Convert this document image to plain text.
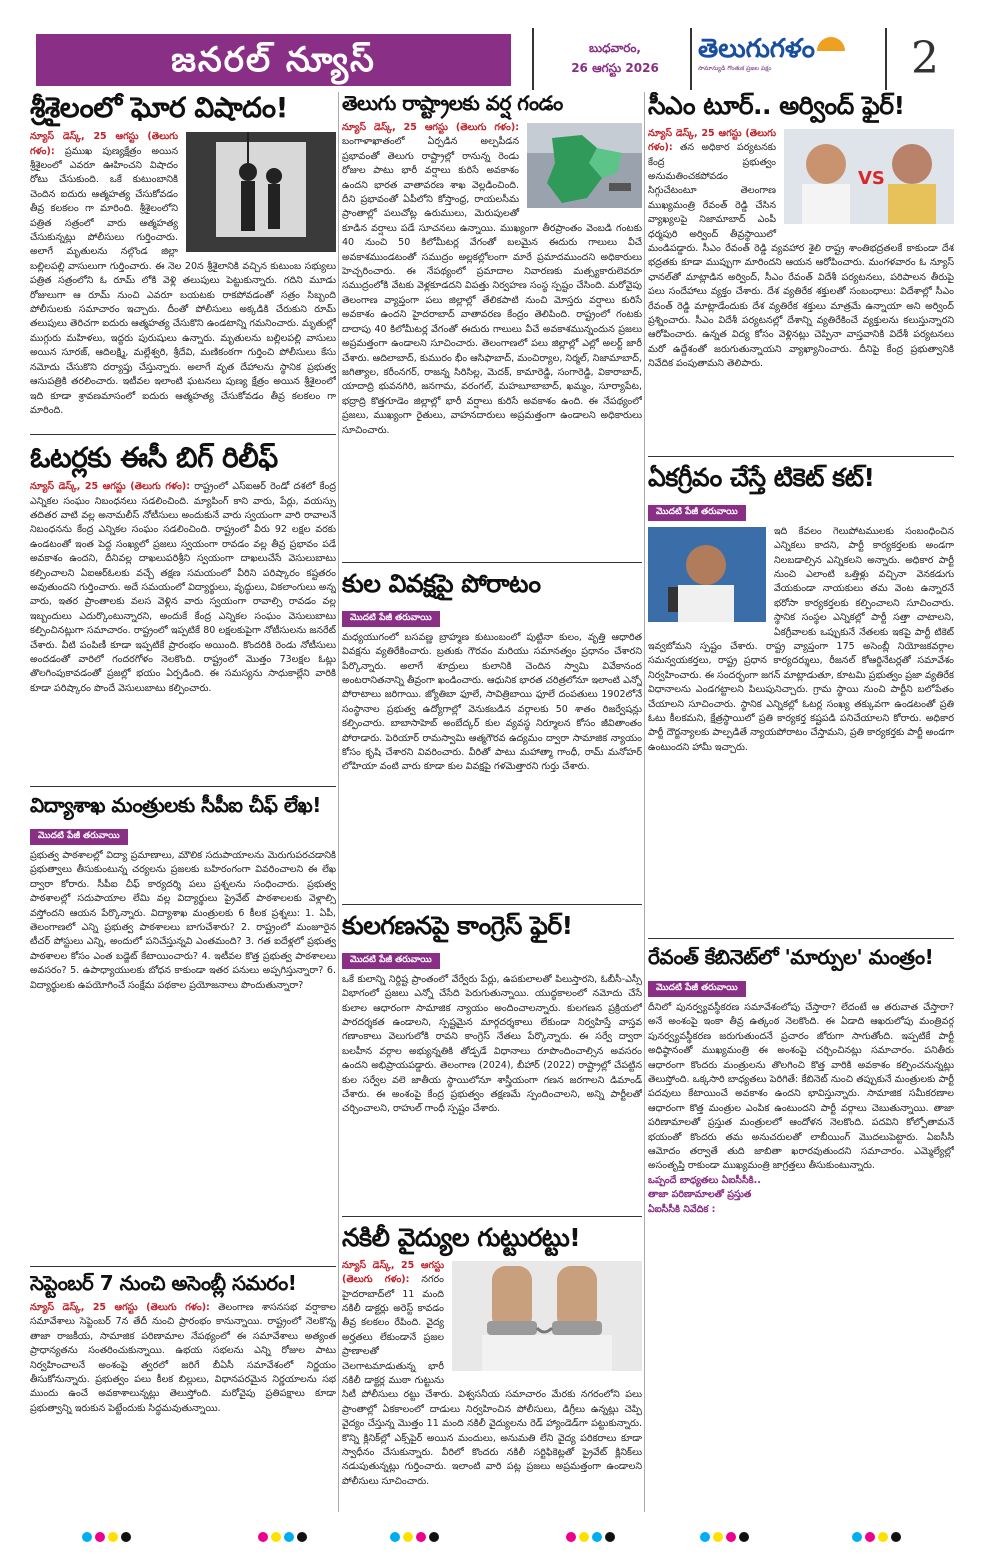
జనరల్ న్యూస్	బుధవారం,
26 ఆగస్టు 2026
తెలుగుగళం
సామాన్యుడి గొంతుక ప్రజల పక్షం	2
శ్రీశైలంలో ఘోర విషాదం!
న్యూస్ డెస్క్, 25 ఆగస్టు (తెలుగు గళం): ప్రముఖ పుణ్యక్షేత్రం అయిన శ్రీశైలంలో ఎవరూ ఊహించని విషాదం రోటు చేసుకుంది. ఒకే కుటుంబానికి చెందిన ఐదురు ఆత్మహత్య చేసుకోవడం తీవ్ర కలకలం గా మారింది. శ్రీశైలంలోని పత్రిత సత్రంలో వారు ఆత్మహత్య చేసుకున్నట్లు పోలీసులు గుర్తించారు. అలాగే మృతులను నల్గొండ జిల్లా బల్లిలపల్లి వాసులుగా గుర్తించారు. ఈ నెల 20న శ్రీశైలానికి వచ్చిన కుటుంబ సభ్యులు పత్రిత సత్రంలోని ఓ రూమ్ లోకి వెళ్లి తలుపులు పెట్టుకున్నారు. గదిని మూడు రోజులుగా ఆ రూమ్ నుంచి ఎవరూ బయటకు రాకపోవడంతో సత్రం సిబ్బంది పోలీసులకు సమాచారం ఇచ్చారు. దీంతో పోలీసులు అక్కడికి చేరుకుని రూమ్ తలుపులు తెరిచగా ఐదురు ఆత్మహత్య చేసుకొని ఉండటాన్ని గమనించారు. మృతుల్లో ముగ్గురు మహిళలు, ఇద్దరు పురుషులు ఉన్నారు. మృతులను బల్లిలపల్లి వాసులు అయిన సూరజ్, ఆదిలక్ష్మి, మల్లేశ్వరి, శ్రీదేవి, మణికంఠగా గుర్తించి పోలీసులు కేసు నమోదు చేసుకొని దర్యాప్తు చేస్తున్నారు. అలాగే వృత దేహాలను స్థానిక ప్రభుత్వ ఆసుపత్రికి తరలించారు. ఇటీవల ఇలాంటి ఘటనలు పుణ్య క్షేత్రం అయిన శ్రీశైలంలో ఇది కూడా శ్రావణమాసంలో ఐదురు ఆత్మహత్య చేసుకోవడం తీవ్ర కలకలం గా మారింది.
ఓటర్లకు ఈసీ బిగ్ రిలీఫ్
న్యూస్ డెస్క్, 25 ఆగస్టు (తెలుగు గళం): రాష్ట్రంలో ఎస్ఐఆర్ రెండో దశలో కేంద్ర ఎన్నికల సంఘం నిబంధనలు సడలించింది. మ్యాపింగ్ కాని వారు, పేర్లు, వయస్సు తదితర వాటి వల్ల అనామలీస్ నోటీసులు అందుకునే వారు స్వయంగా వారి రావాలనే నిబంధనను కేంద్ర ఎన్నికల సంఘం సడలించింది. రాష్ట్రంలో వీరు 92 లక్షల వరకు ఉండటంతో ఇంత పెద్ద సంఖ్యలో ప్రజలు స్వయంగా రావడం వల్ల తీవ్ర ప్రభావం పడే అవకాశం ఉందని, దీనివల్ల దాఖలుపరిశ్రీని స్వయంగా దాఖలుచేసే వెసులుబాటు కల్పించాలని ఏఐఆర్ఓలకు వచ్చే తక్షణ సమయంలో వీరిని పరిష్కారం కష్టతరం అవుతుందని గుర్తించారు. అదే సమయంలో విద్యార్థులు, వృద్ధులు, వికలాంగులు అన్న వారు, ఇతర ప్రాంతాలకు వలస వెళ్లిన వారు స్వయంగా రావాల్సి రావడం వల్ల ఇబ్బందులు ఎదుర్కొంటున్నారని, అందుకే కేంద్ర ఎన్నికల సంఘం వెసులుబాటు కల్పించినట్లుగా సమాచారం. రాష్ట్రంలో ఇప్పటికే 80 లక్షలకుపైగా నోటీసులను జనరేట్ చేశారు. వీటి పంపిణీ కూడా ఇప్పటికే ప్రారంభం అయింది. కొందరికి రెండు నోటీసులు అందడంతో వారిలో గందరగోళం నెలకొంది. రాష్ట్రంలో మొత్తం 73లక్షల ఓట్లు తొలగింపుకావడంతో ప్రజల్లో భయం ఏర్పడింది. ఈ సమస్యను సాధుకాల్లేని వారికి కూడా పరిష్కారం పొందే వెసులుబాటు కల్పించారు.
విద్యాశాఖ మంత్రులకు సీపీఐ చీఫ్ లేఖ!
మొదటి పేజీ తరువాయి
ప్రభుత్వ పాఠశాలల్లో విద్యా ప్రమాణాలు, మౌలిక సదుపాయాలను మెరుగుపరచడానికి ప్రభుత్వాలు తీసుకుంటున్న చర్యలను ప్రజలకు బహిరంగంగా వివరించాలని ఈ లేఖ ద్వారా కోరారు. సీపీఐ చీఫ్ కార్యదర్శి పలు ప్రశ్నలను సంధించారు. ప్రభుత్వ పాఠశాలల్లో సదుపాయాల లేమి వల్ల విద్యార్థులు ప్రైవేట్ పాఠశాలలకు వెళ్లాల్సి వస్తోందని ఆయన పేర్కొన్నారు. విద్యాశాఖ మంత్రులకు 6 కీలక ప్రశ్నలు: 1. ఏపీ, తెలంగాణలో ఎన్ని ప్రభుత్వ పాఠశాలలు బాగుచేశారు? 2. రాష్ట్రంలో మంజూరైన టీచర్ పోస్టులు ఎన్ని, అందులో పనిచేస్తున్నవి ఎంతమంది? 3. గత ఐదేళ్లలో ప్రభుత్వ పాఠశాలల కోసం ఎంత బడ్జెట్ కేటాయించారు? 4. ఇటీవల కొత్త ప్రభుత్వ పాఠశాలలు అవసరం? 5. ఉపాధ్యాయులకు బోధన కాకుండా ఇతర పనులు అప్పగిస్తున్నారా? 6. విద్యార్థులకు ఉపయోగించే సంక్షేమ పథకాల ప్రయోజనాలు పొందుతున్నారా?
సెప్టెంబర్ 7 నుంచి అసెంబ్లీ సమరం!
న్యూస్ డెస్క్, 25 ఆగస్టు (తెలుగు గళం): తెలంగాణ శాసనసభ వర్షాకాల సమావేశాలు సెప్టెంబర్ 7న తేదీ నుంచి ప్రారంభం కానున్నాయి. రాష్ట్రంలో నెలకొన్న తాజా రాజకీయ, సామాజిక పరిణామాల నేపథ్యంలో ఈ సమావేశాలు అత్యంత ప్రాధాన్యతను సంతరించుకున్నాయి. ఉభయ సభలను ఎన్ని రోజుల పాటు నిర్వహించాలనే అంశంపై త్వరలో జరిగే బీఏసీ సమావేశంలో నిర్ణయం తీసుకోనున్నారు. ప్రభుత్వం పలు కీలక బిల్లులు, విధానపరమైన నిర్ణయాలను సభ ముందు ఉంచే అవకాశాలున్నట్లు తెలుస్తోంది. మరోవైపు ప్రతిపక్షాలు కూడా ప్రభుత్వాన్ని ఇరుకున పెట్టేందుకు సిద్ధమవుతున్నాయి.
తెలుగు రాష్ట్రాలకు వర్ష గండం
న్యూస్ డెస్క్, 25 ఆగస్టు (తెలుగు గళం): బంగాళాఖాతంలో ఏర్పడిన అల్పపీడన ప్రభావంతో తెలుగు రాష్ట్రాల్లో రానున్న రెండు రోజుల పాటు భారీ వర్షాలు కురిసే అవకాశం ఉందని భారత వాతావరణ శాఖ వెల్లడించింది. దీని ప్రభావంతో ఏపీలోని కోస్తాంధ్ర, రాయలసీమ ప్రాంతాల్లో పలుచోట్ల ఉరుములు, మెరుపులతో కూడిన వర్షాలు పడే సూచనలు ఉన్నాయి. ముఖ్యంగా తీరప్రాంతం వెంబడి గంటకు 40 నుంచి 50 కిలోమీటర్ల వేగంతో బలమైన ఈదురు గాలులు వీచే అవకాశముండటంతో సముద్రం అల్లకల్లోలంగా మారే ప్రమాదముందని అధికారులు హెచ్చరించారు. ఈ నేపథ్యంలో ప్రమాదాల నివారణకు మత్స్యకారులెవరూ సముద్రంలోకి వేటకు వెళ్లకూడదని విపత్తు నిర్వహణ సంస్థ స్పష్టం చేసింది. మరోవైపు తెలంగాణ వ్యాప్తంగా పలు జిల్లాల్లో తేలికపాటి నుంచి మోస్తరు వర్షాలు కురిసే అవకాశం ఉందని హైదరాబాద్ వాతావరణ కేంద్రం తెలిపింది. రాష్ట్రంలో గంటకు దాదాపు 40 కిలోమీటర్ల వేగంతో ఈదురు గాలులు వీచే అవకాశమున్నందున ప్రజలు అప్రమత్తంగా ఉండాలని సూచించారు. తెలంగాణలో పలు జిల్లాల్లో ఎల్లో అలర్ట్ జారీ చేశారు. ఆదిలాబాద్, కుమురం భీం ఆసిఫాబాద్, మంచిర్యాల, నిర్మల్, నిజామాబాద్, జగిత్యాల, కరీంనగర్, రాజన్న సిరిసిల్ల, మెదక్, కామారెడ్డి, సంగారెడ్డి, వికారాబాద్, యాదాద్రి భువనగిరి, జనగామ, వరంగల్, మహబూబాబాద్, ఖమ్మం, సూర్యాపేట, భద్రాద్రి కొత్తగూడెం జిల్లాల్లో భారీ వర్షాలు కురిసే అవకాశం ఉంది. ఈ నేపథ్యంలో ప్రజలు, ముఖ్యంగా రైతులు, వాహనదారులు అప్రమత్తంగా ఉండాలని అధికారులు సూచించారు.
కుల వివక్షపై పోరాటం
మొదటి పేజీ తరువాయి
మధ్యయుగంలో బసవణ్ణ బ్రాహ్మణ కుటుంబంలో పుట్టినా కులం, వృత్తి ఆధారిత వివక్షను వ్యతిరేకించారు. బ్రతుకు గౌరవం మరియు సమానత్వం ప్రధానం చేశారని పేర్కొన్నారు. అలాగే శూద్రులు కులానికి చెందిన స్వామి వివేకానంద అంటరానితనాన్ని తీవ్రంగా ఖండించారు. ఆధునిక భారత చరిత్రలోనూ ఇలాంటి ఎన్నో పోరాటాలు జరిగాయి. జ్యోతిబా ఫూలే, సావిత్రిబాయి ఫూలే దంపతులు 1902లోనే సంస్థానాల ప్రభుత్వ ఉద్యోగాల్లో వెనుకబడిన వర్గాలకు 50 శాతం రిజర్వేషన్లు కల్పించారు. బాబాసాహెబ్ అంబేద్కర్ కుల వ్యవస్థ నిర్మూలన కోసం జీవితాంతం పోరాడారు. పెరియార్ రామస్వామి ఆత్మగౌరవ ఉద్యమం ద్వారా సామాజిక న్యాయం కోసం కృషి చేశారని వివరించారు. వీరితో పాటు మహాత్మా గాంధీ, రామ్ మనోహర్ లోహియా వంటి వారు కూడా కుల వివక్షపై గళమెత్తారని గుర్తు చేశారు.
కులగణనపై కాంగ్రెస్ ఫైర్!
మొదటి పేజీ తరువాయి
ఒకే కులాన్ని నిర్దిష్ట ప్రాంతంలో వేర్వేరు పేర్లు, ఉపకులాలతో పిలుస్తారని, ఓబీసీ-ఎస్సీ విభాగంలో ప్రజలు ఎన్నో చేసేది పెరుగుతున్నాయి. యుద్ధకాలంలో నమోదు చేసే కులాల ఆధారంగా సామాజిక న్యాయం అందించాలన్నారు. కులగణన ప్రక్రియలో పారదర్శకత ఉండాలని, స్పష్టమైన మార్గదర్శకాలు లేకుండా నిర్వహిస్తే వాస్తవ గణాంకాలు వెలుగులోకి రావని కాంగ్రెస్ నేతలు పేర్కొన్నారు. ఈ సర్వే ద్వారా బలహీన వర్గాల అభ్యున్నతికి తోడ్పడే విధానాలు రూపొందించాల్సిన అవసరం ఉందని అభిప్రాయపడ్డారు. తెలంగాణ (2024), బీహార్ (2022) రాష్ట్రాల్లో చేపట్టిన కుల సర్వేల వలె జాతీయ స్థాయిలోనూ శాస్త్రీయంగా గణన జరగాలని డిమాండ్ చేశారు. ఈ అంశంపై కేంద్ర ప్రభుత్వం తక్షణమే స్పందించాలని, అన్ని పార్టీలతో చర్చించాలని, రాహుల్ గాంధీ స్పష్టం చేశారు.
నకిలీ వైద్యుల గుట్టురట్టు!
న్యూస్ డెస్క్, 25 ఆగస్టు (తెలుగు గళం): నగరం హైదరాబాద్‌లో 11 మంది నకిలీ డాక్టర్లు అరెస్ట్ కావడం తీవ్ర కలకలం రేపింది. వైద్య అర్హతలు లేకుండానే ప్రజల ప్రాణాలతో చెలగాటమాడుతున్న భారీ నకిలీ డాక్టర్ల ముఠా గుట్టును సిటీ పోలీసులు రట్టు చేశారు. విశ్వసనీయ సమాచారం మేరకు నగరంలోని పలు ప్రాంతాల్లో ఏకకాలంలో దాడులు నిర్వహించిన పోలీసులు, డిగ్రీలు ఉన్నట్లు చెప్పి వైద్యం చేస్తున్న మొత్తం 11 మంది నకిలీ వైద్యులను రెడ్ హ్యాండెడ్‌గా పట్టుకున్నారు. కొన్ని క్లినిక్‌ల్లో ఎక్స్‌పైర్ అయిన మందులు, అనుమతి లేని వైద్య పరికరాలు కూడా స్వాధీనం చేసుకున్నారు. వీరిలో కొందరు నకిలీ సర్టిఫికెట్లతో ప్రైవేట్ క్లినిక్‌లు నడుపుతున్నట్లు గుర్తించారు. ఇలాంటి వారి పట్ల ప్రజలు అప్రమత్తంగా ఉండాలని పోలీసులు సూచించారు.
సీఎం టూర్.. అర్వింద్ ఫైర్!
VS
న్యూస్ డెస్క్, 25 ఆగస్టు (తెలుగు గళం): తన అధికార పర్యటనకు కేంద్ర ప్రభుత్వం అనుమతించకపోవడం సిగ్గుచేటంటూ తెలంగాణ ముఖ్యమంత్రి రేవంత్ రెడ్డి చేసిన వ్యాఖ్యలపై నిజామాబాద్ ఎంపీ ధర్మపురి అర్వింద్ తీవ్రస్థాయిలో మండిపడ్డారు. సీఎం రేవంత్ రెడ్డి వ్యవహార శైలి రాష్ట్ర శాంతిభద్రతలకే కాకుండా దేశ భద్రతకు కూడా ముప్పుగా మారిందని ఆయన ఆరోపించారు. మంగళవారం ఓ న్యూస్ ఛానల్‌తో మాట్లాడిన అర్వింద్, సీఎం రేవంత్ విదేశీ పర్యటనలు, పరిపాలన తీరుపై పలు సందేహాలు వ్యక్తం చేశారు. దేశ వ్యతిరేక శక్తులతో సంబంధాలు: విదేశాల్లో సీఎం రేవంత్ రెడ్డి మాట్లాడేందుకు దేశ వ్యతిరేక శక్తులు మాత్రమే ఉన్నాయా అని అర్వింద్ ప్రశ్నించారు. సీఎం విదేశీ పర్యటనల్లో దేశాన్ని వ్యతిరేకించే వ్యక్తులను కలుస్తున్నారని ఆరోపించారు. ఉన్నత విద్య కోసం వెళ్లినట్లు చెప్పినా వాస్తవానికి విదేశీ పర్యటనలు మరో ఉద్దేశంతో జరుగుతున్నాయని వ్యాఖ్యానించారు. దీనిపై కేంద్ర ప్రభుత్వానికి నివేదిక పంపుతామని తెలిపారు.
ఏకగ్రీవం చేస్తే టికెట్ కట్!
మొదటి పేజీ తరువాయి
ఇది కేవలం గెలుపోటములకు సంబంధించిన ఎన్నికలు కాదని, పార్టీ కార్యకర్తలకు అండగా నిలబడాల్సిన ఎన్నికలని అన్నారు. అధికార పార్టీ నుంచి ఎలాంటి ఒత్తిళ్లు వచ్చినా వెనకడుగు వేయకుండా నాయకులు తమ వెంట ఉన్నారనే భరోసా కార్యకర్తలకు కల్పించాలని సూచించారు. స్థానిక సంస్థల ఎన్నికల్లో పార్టీ సత్తా చాటాలని, ఏకగ్రీవాలకు ఒప్పుకునే నేతలకు ఇకపై పార్టీ టికెట్ ఇవ్వబోమని స్పష్టం చేశారు. రాష్ట్ర వ్యాప్తంగా 175 అసెంబ్లీ నియోజకవర్గాల సమన్వయకర్తలు, రాష్ట్ర ప్రధాన కార్యదర్శులు, రీజనల్ కోఆర్డినేటర్లతో సమావేశం నిర్వహించారు. ఈ సందర్భంగా జగన్ మాట్లాడుతూ, కూటమి ప్రభుత్వం ప్రజా వ్యతిరేక విధానాలను ఎండగట్టాలని పిలుపునిచ్చారు. గ్రామ స్థాయి నుంచి పార్టీని బలోపేతం చేయాలని సూచించారు. స్థానిక ఎన్నికల్లో ఓటర్ల సంఖ్య తక్కువగా ఉండటంతో ప్రతి ఓటు కీలకమని, క్షేత్రస్థాయిలో ప్రతి కార్యకర్త కష్టపడి పనిచేయాలని కోరారు. అధికార పార్టీ దౌర్జన్యాలకు పాల్పడితే న్యాయపోరాటం చేస్తామని, ప్రతి కార్యకర్తకు పార్టీ అండగా ఉంటుందని హామీ ఇచ్చారు.
రేవంత్ కేబినెట్‌లో 'మార్పుల' మంత్రం!
మొదటి పేజీ తరువాయి
దీనిలో పునర్వ్యవస్థీకరణ సమావేశంలోపు చేస్తారా? లేదంటే ఆ తరువాత చేస్తారా? అనే అంశంపై ఇంకా తీవ్ర ఉత్కంఠ నెలకొంది. ఈ ఏడాది ఆఖరులోపు మంత్రివర్గ పునర్వ్యవస్థీకరణ జరుగుతుందనే ప్రచారం జోరుగా సాగుతోంది. ఇప్పటికే పార్టీ అధిష్ఠానంతో ముఖ్యమంత్రి ఈ అంశంపై చర్చించినట్లు సమాచారం. పనితీరు ఆధారంగా కొందరు మంత్రులను తొలగించి కొత్త వారికి అవకాశం కల్పించనున్నట్లు తెలుస్తోంది. ఒక్కసారి బాధ్యతలు పెరిగితే: కేబినెట్ నుంచి తప్పుకునే మంత్రులకు పార్టీ పదవులు కేటాయించే అవకాశం ఉందని భావిస్తున్నారు. సామాజిక సమీకరణాల ఆధారంగా కొత్త మంత్రుల ఎంపిక ఉంటుందని పార్టీ వర్గాలు చెబుతున్నాయి. తాజా పరిణామాలతో ప్రస్తుత మంత్రులలో ఆందోళన నెలకొంది. పదవిని కోల్పోతామనే భయంతో కొందరు తమ అనుచరులతో లాబీయింగ్ మొదలుపెట్టారు. ఏఐసీసీ ఆమోదం తర్వాతే తుది జాబితా ఖరారవుతుందని సమాచారం. ఎమ్మెల్యేల్లో అసంతృప్తి రాకుండా ముఖ్యమంత్రి జాగ్రత్తలు తీసుకుంటున్నారు.
ఒప్పందే బాధ్యతలు ఏఐసీసీకి..
తాజా పరిణామాలతో ప్రస్తుత
ఏఐసీసీకి నివేదిక :
